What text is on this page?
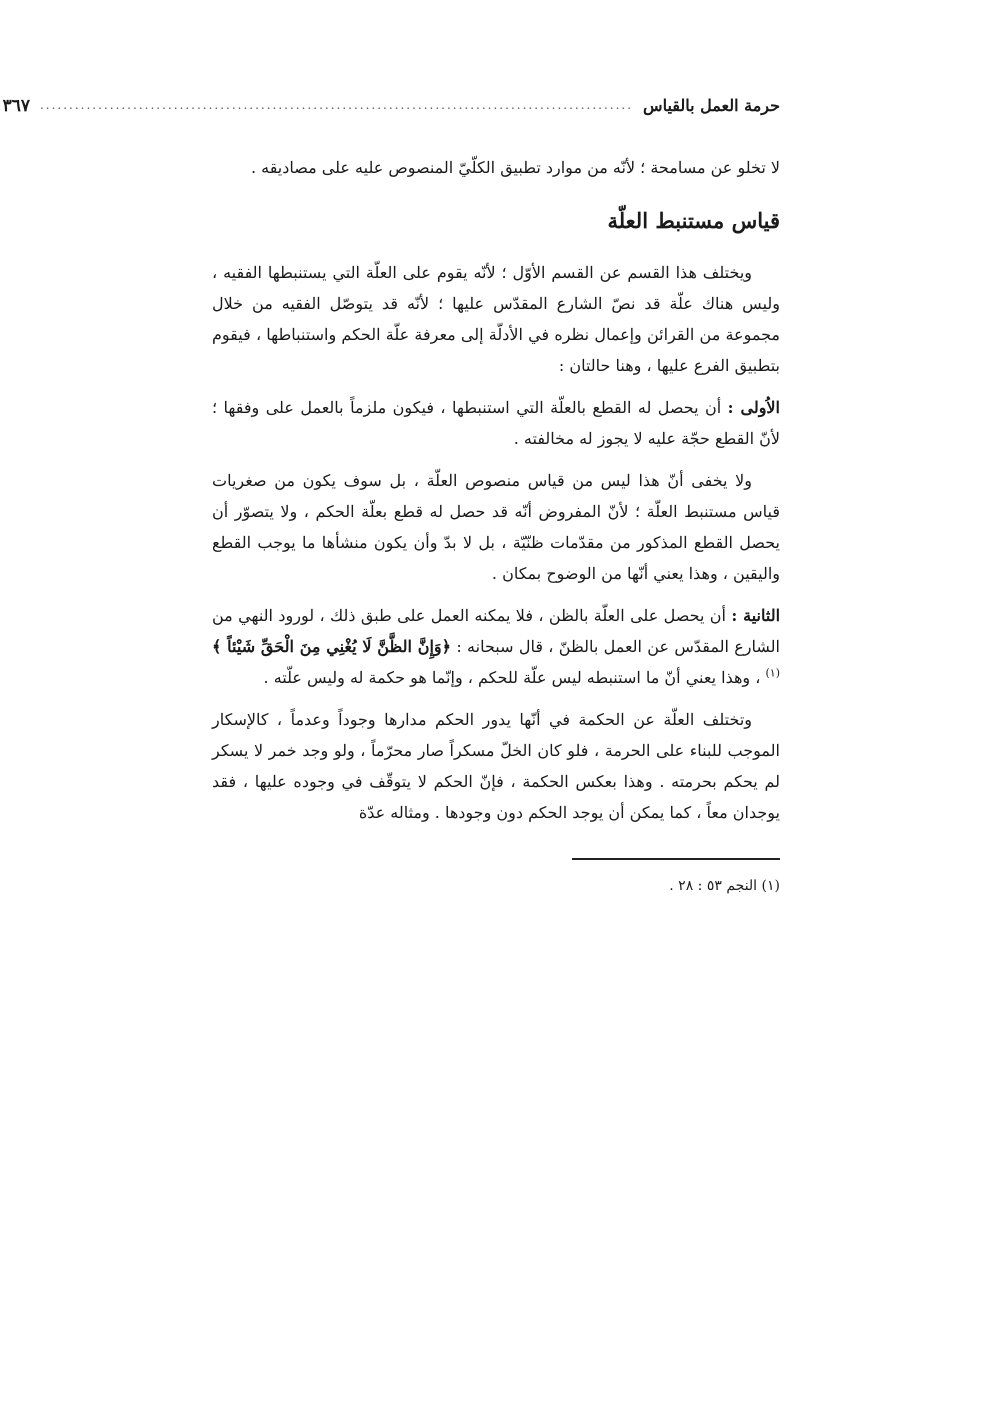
حرمة العمل بالقياس
......................................................................................................
٣٦٧

لا تخلو عن مسامحة ؛ لأنّه من موارد تطبيق الكلّيّ المنصوص عليه على مصاديقه .

قياس مستنبط العلّة

ويختلف هذا القسم عن القسم الأوّل ؛ لأنّه يقوم على العلّة التي يستنبطها الفقيه ، وليس هناك علّة قد نصّ الشارع المقدّس عليها ؛ لأنّه قد يتوصّل الفقيه من خلال مجموعة من القرائن وإعمال نظره في الأدلّة إلى معرفة علّة الحكم واستنباطها ، فيقوم بتطبيق الفرع عليها ، وهنا حالتان :

الاُولى : أن يحصل له القطع بالعلّة التي استنبطها ، فيكون ملزماً بالعمل على وفقها ؛ لأنّ القطع حجّة عليه لا يجوز له مخالفته .

ولا يخفى أنّ هذا ليس من قياس منصوص العلّة ، بل سوف يكون من صغريات قياس مستنبط العلّة ؛ لأنّ المفروض أنّه قد حصل له قطع بعلّة الحكم ، ولا يتصوّر أن يحصل القطع المذكور من مقدّمات ظنّيّة ، بل لا بدّ وأن يكون منشأها ما يوجب القطع واليقين ، وهذا يعني أنّها من الوضوح بمكان .

الثانية : أن يحصل على العلّة بالظن ، فلا يمكنه العمل على طبق ذلك ، لورود النهي من الشارع المقدّس عن العمل بالظنّ ، قال سبحانه : ﴿وَإِنَّ الظَّنَّ لَا يُغْنِي مِنَ الْحَقِّ شَيْئاً ﴾$^{(١)}$ ، وهذا يعني أنّ ما استنبطه ليس علّة للحكم ، وإنّما هو حكمة له وليس علّته .

وتختلف العلّة عن الحكمة في أنّها يدور الحكم مدارها وجوداً وعدماً ، كالإسكار الموجب للبناء على الحرمة ، فلو كان الخلّ مسكراً صار محرّماً ، ولو وجد خمر لا يسكر لم يحكم بحرمته . وهذا بعكس الحكمة ، فإنّ الحكم لا يتوقّف في وجوده عليها ، فقد يوجدان معاً ، كما يمكن أن يوجد الحكم دون وجودها . ومثاله عدّة

(١) النجم ٥٣ : ٢٨ .
